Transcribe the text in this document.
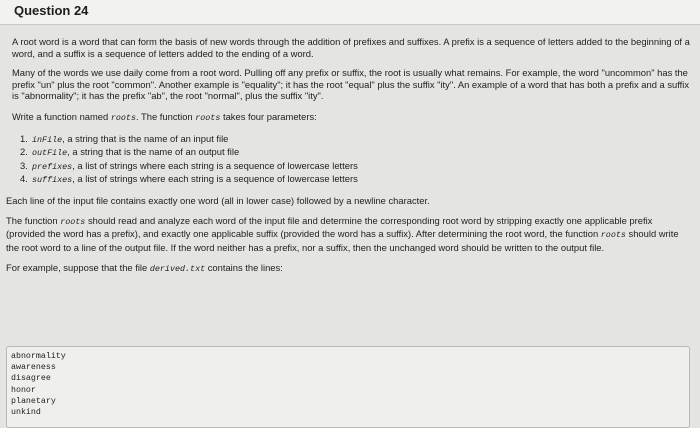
Question 24

A root word is a word that can form the basis of new words through the addition of prefixes and suffixes. A prefix is a sequence of letters added to the beginning of a word, and a suffix is a sequence of letters added to the ending of a word.

Many of the words we use daily come from a root word. Pulling off any prefix or suffix, the root is usually what remains. For example, the word "uncommon" has the prefix "un" plus the root "common". Another example is "equality"; it has the root "equal" plus the suffix "ity". An example of a word that has both a prefix and a suffix is "abnormality"; it has the prefix "ab", the root "normal", plus the suffix "ity".

Write a function named roots. The function roots takes four parameters:

1. inFile, a string that is the name of an input file
2. outFile, a string that is the name of an output file
3. prefixes, a list of strings where each string is a sequence of lowercase letters
4. suffixes, a list of strings where each string is a sequence of lowercase letters

Each line of the input file contains exactly one word (all in lower case) followed by a newline character.

The function roots should read and analyze each word of the input file and determine the corresponding root word by stripping exactly one applicable prefix (provided the word has a prefix), and exactly one applicable suffix (provided the word has a suffix). After determining the root word, the function roots should write the root word to a line of the output file. If the word neither has a prefix, nor a suffix, then the unchanged word should be written to the output file.

For example, suppose that the file derived.txt contains the lines:

abnormality
awareness
disagree
honor
planetary
unkind
